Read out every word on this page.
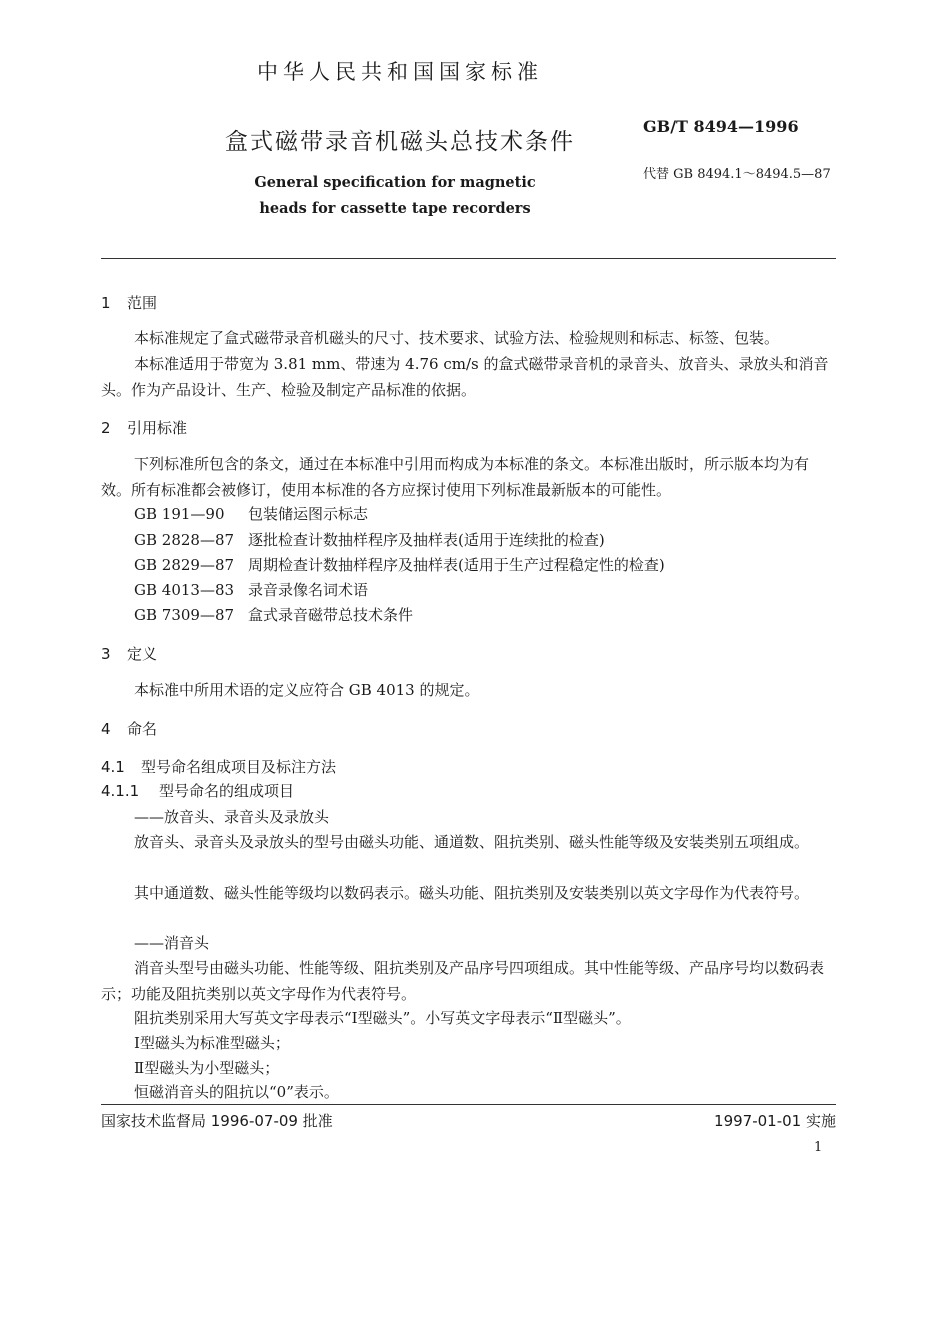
中华人民共和国国家标准
盒式磁带录音机磁头总技术条件
General specification for magnetic
heads for cassette tape recorders
GB/T 8494—1996
代替 GB 8494.1～8494.5—87
1 范围
本标准规定了盒式磁带录音机磁头的尺寸、技术要求、试验方法、检验规则和标志、标签、包装。
本标准适用于带宽为 3.81 mm、带速为 4.76 cm/s 的盒式磁带录音机的录音头、放音头、录放头和消音头。作为产品设计、生产、检验及制定产品标准的依据。
2 引用标准
下列标准所包含的条文，通过在本标准中引用而构成为本标准的条文。本标准出版时，所示版本均为有效。所有标准都会被修订，使用本标准的各方应探讨使用下列标准最新版本的可能性。
GB 191—90 包装储运图示标志
GB 2828—87 逐批检查计数抽样程序及抽样表(适用于连续批的检查)
GB 2829—87 周期检查计数抽样程序及抽样表(适用于生产过程稳定性的检查)
GB 4013—83 录音录像名词术语
GB 7309—87 盒式录音磁带总技术条件
3 定义
本标准中所用术语的定义应符合 GB 4013 的规定。
4 命名
4.1 型号命名组成项目及标注方法
4.1.1 型号命名的组成项目
——放音头、录音头及录放头
放音头、录音头及录放头的型号由磁头功能、通道数、阻抗类别、磁头性能等级及安装类别五项组成。
其中通道数、磁头性能等级均以数码表示。磁头功能、阻抗类别及安装类别以英文字母作为代表符号。
——消音头
消音头型号由磁头功能、性能等级、阻抗类别及产品序号四项组成。其中性能等级、产品序号均以数码表示；功能及阻抗类别以英文字母作为代表符号。
阻抗类别采用大写英文字母表示“Ⅰ型磁头”。小写英文字母表示“Ⅱ型磁头”。
Ⅰ型磁头为标准型磁头；
Ⅱ型磁头为小型磁头；
恒磁消音头的阻抗以“0”表示。
国家技术监督局 1996-07-09 批准	1997-01-01 实施
1
